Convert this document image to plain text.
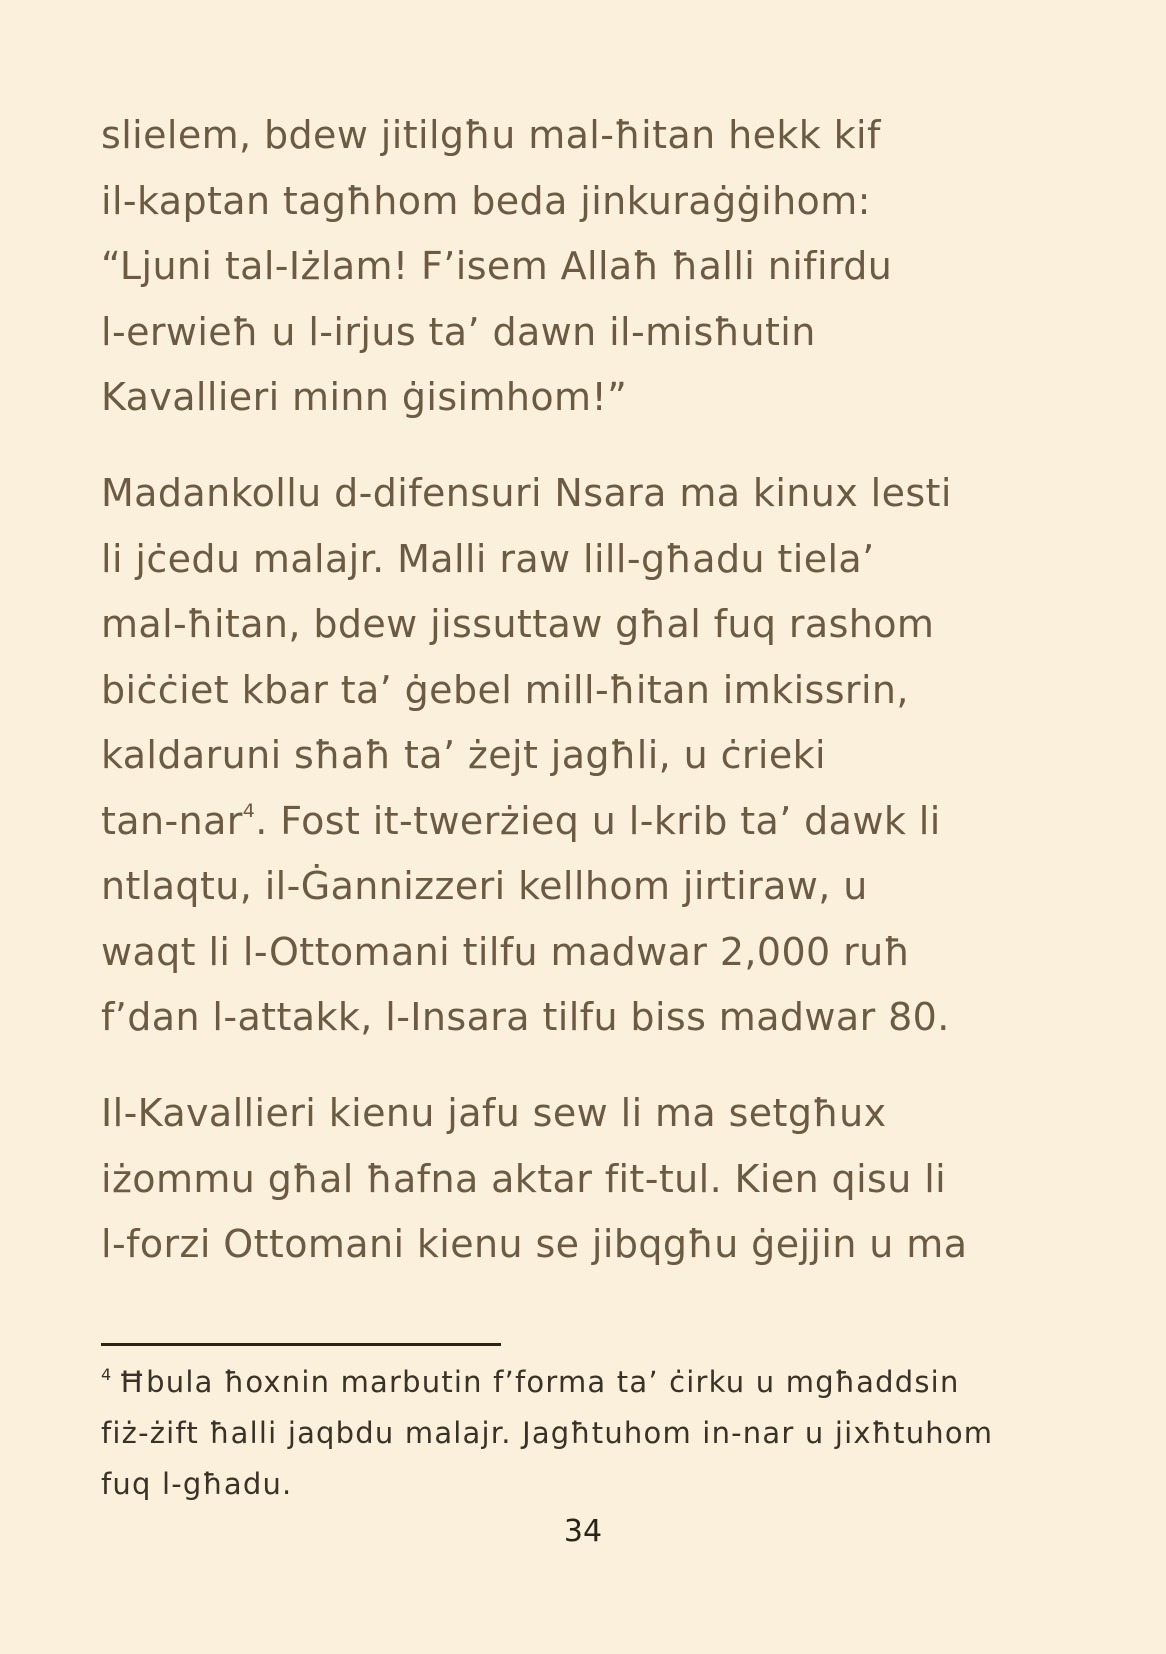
slielem, bdew jitilgħu mal-ħitan hekk kif
il-kaptan tagħhom beda jinkuraġġihom:
“Ljuni tal-Iżlam! F’isem Allaħ ħalli nifirdu
l-erwieħ u l-irjus ta’ dawn il-misħutin
Kavallieri minn ġisimhom!”
Madankollu d-difensuri Nsara ma kinux lesti
li jċedu malajr. Malli raw lill-għadu tiela’
mal-ħitan, bdew jissuttaw għal fuq rashom
biċċiet kbar ta’ ġebel mill-ħitan imkissrin,
kaldaruni sħaħ ta’ żejt jagħli, u ċrieki
tan-nar$^4$. Fost it-twerżieq u l-krib ta’ dawk li
ntlaqtu, il-Ġannizzeri kellhom jirtiraw, u
waqt li l-Ottomani tilfu madwar 2,000 ruħ
f’dan l-attakk, l-Insara tilfu biss madwar 80.
Il-Kavallieri kienu jafu sew li ma setgħux
iżommu għal ħafna aktar fit-tul. Kien qisu li
l-forzi Ottomani kienu se jibqgħu ġejjin u ma
$^4$ Ħbula ħoxnin marbutin f’forma ta’ ċirku u mgħaddsin
fiż-żift ħalli jaqbdu malajr. Jagħtuhom in-nar u jixħtuhom
fuq l-għadu.
34
